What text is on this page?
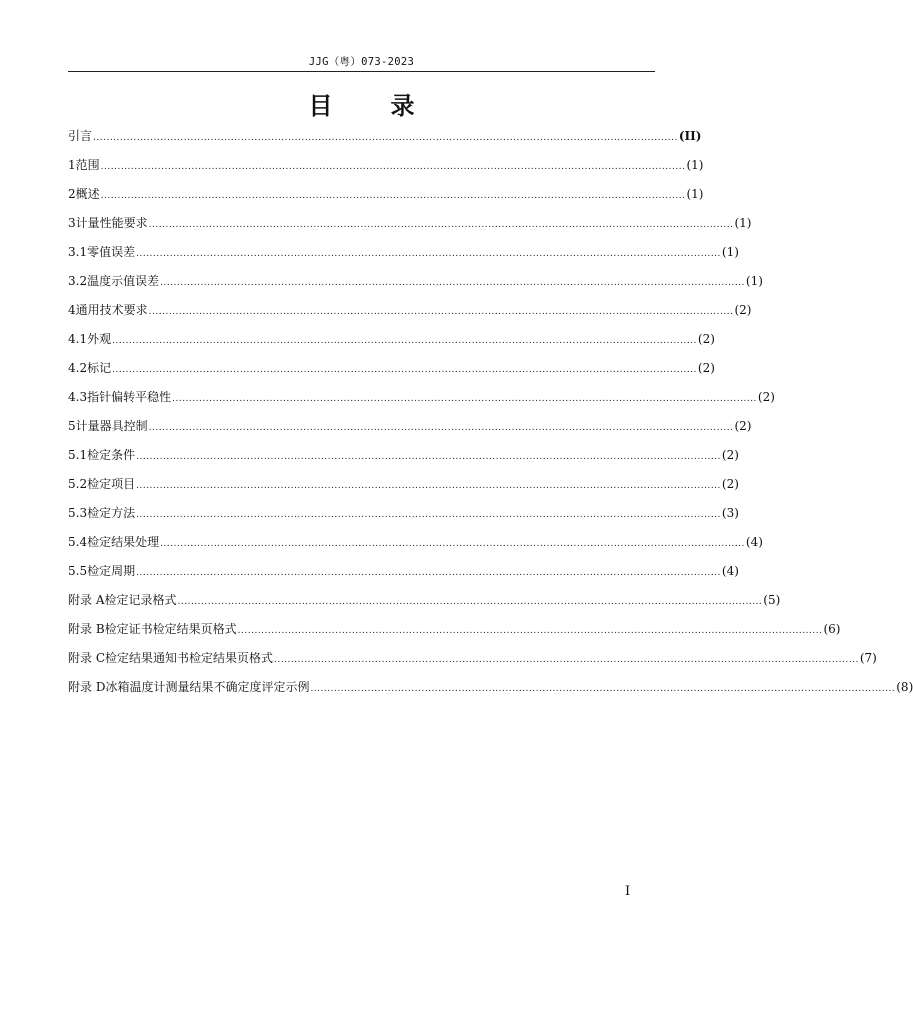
JJG（粤）073-2023
目 录
引言 .............................................................................................................................................................................. (II)
1 范围 .............................................................................................................................................................................. (1)
2 概述 .............................................................................................................................................................................. (1)
3 计量性能要求 .............................................................................................................................................................................. (1)
3.1 零值误差 .............................................................................................................................................................................. (1)
3.2 温度示值误差 .............................................................................................................................................................................. (1)
4 通用技术要求 .............................................................................................................................................................................. (2)
4.1 外观 .............................................................................................................................................................................. (2)
4.2 标记 .............................................................................................................................................................................. (2)
4.3 指针偏转平稳性 .............................................................................................................................................................................. (2)
5 计量器具控制 .............................................................................................................................................................................. (2)
5.1 检定条件 .............................................................................................................................................................................. (2)
5.2 检定项目 .............................................................................................................................................................................. (2)
5.3 检定方法 .............................................................................................................................................................................. (3)
5.4 检定结果处理 .............................................................................................................................................................................. (4)
5.5 检定周期 .............................................................................................................................................................................. (4)
附录 A 检定记录格式 .............................................................................................................................................................................. (5)
附录 B 检定证书检定结果页格式 .............................................................................................................................................................................. (6)
附录 C 检定结果通知书检定结果页格式 .............................................................................................................................................................................. (7)
附录 D 冰箱温度计测量结果不确定度评定示例 .............................................................................................................................................................................. (8)
I
